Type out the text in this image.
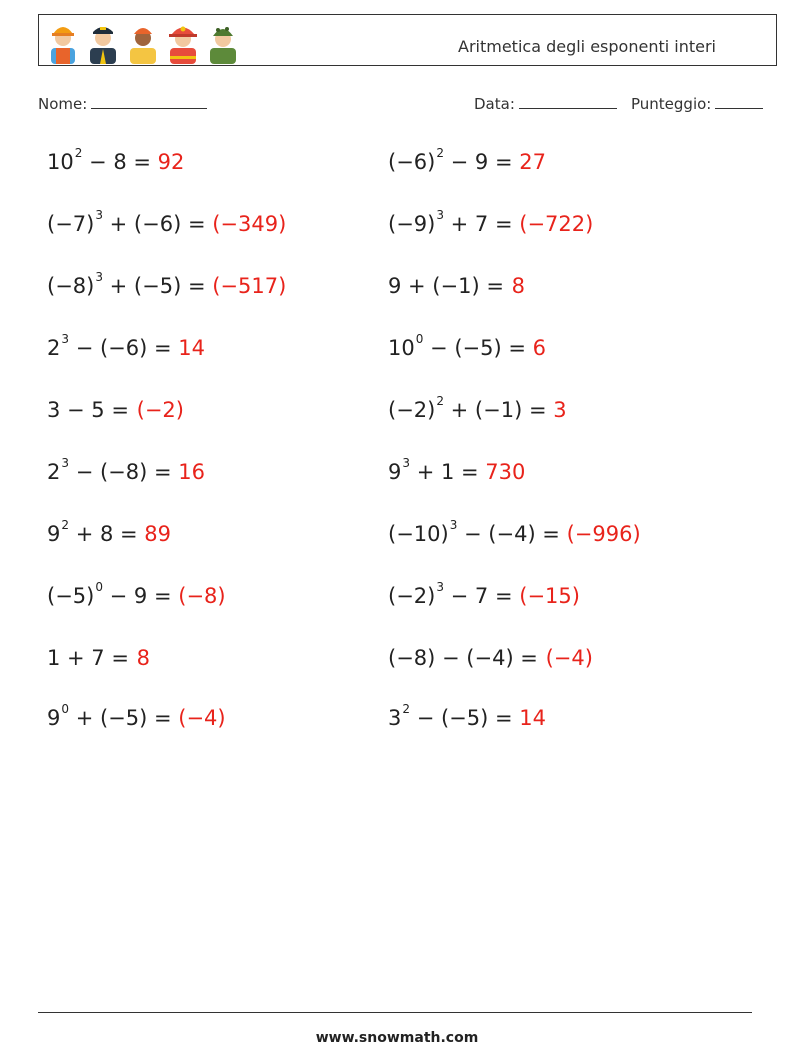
Aritmetica degli esponenti interi
Nome:	Data:	Punteggio:
$10^2 - 8 = 92$	$(-6)^2 - 9 = 27$
$(-7)^3 + (-6) = (-349)$	$(-9)^3 + 7 = (-722)$
$(-8)^3 + (-5) = (-517)$	9 + (−1) = 8
$2^3 - (-6) = 14$	$10^0 - (-5) = 6$
3 − 5 = (−2)	$(-2)^2 + (-1) = 3$
$2^3 - (-8) = 16$	$9^3 + 1 = 730$
$9^2 + 8 = 89$	$(-10)^3 - (-4) = (-996)$
$(-5)^0 - 9 = (-8)$	$(-2)^3 - 7 = (-15)$
1 + 7 = 8	(−8) − (−4) = (−4)
$9^0 + (-5) = (-4)$	$3^2 - (-5) = 14$
www.snowmath.com
